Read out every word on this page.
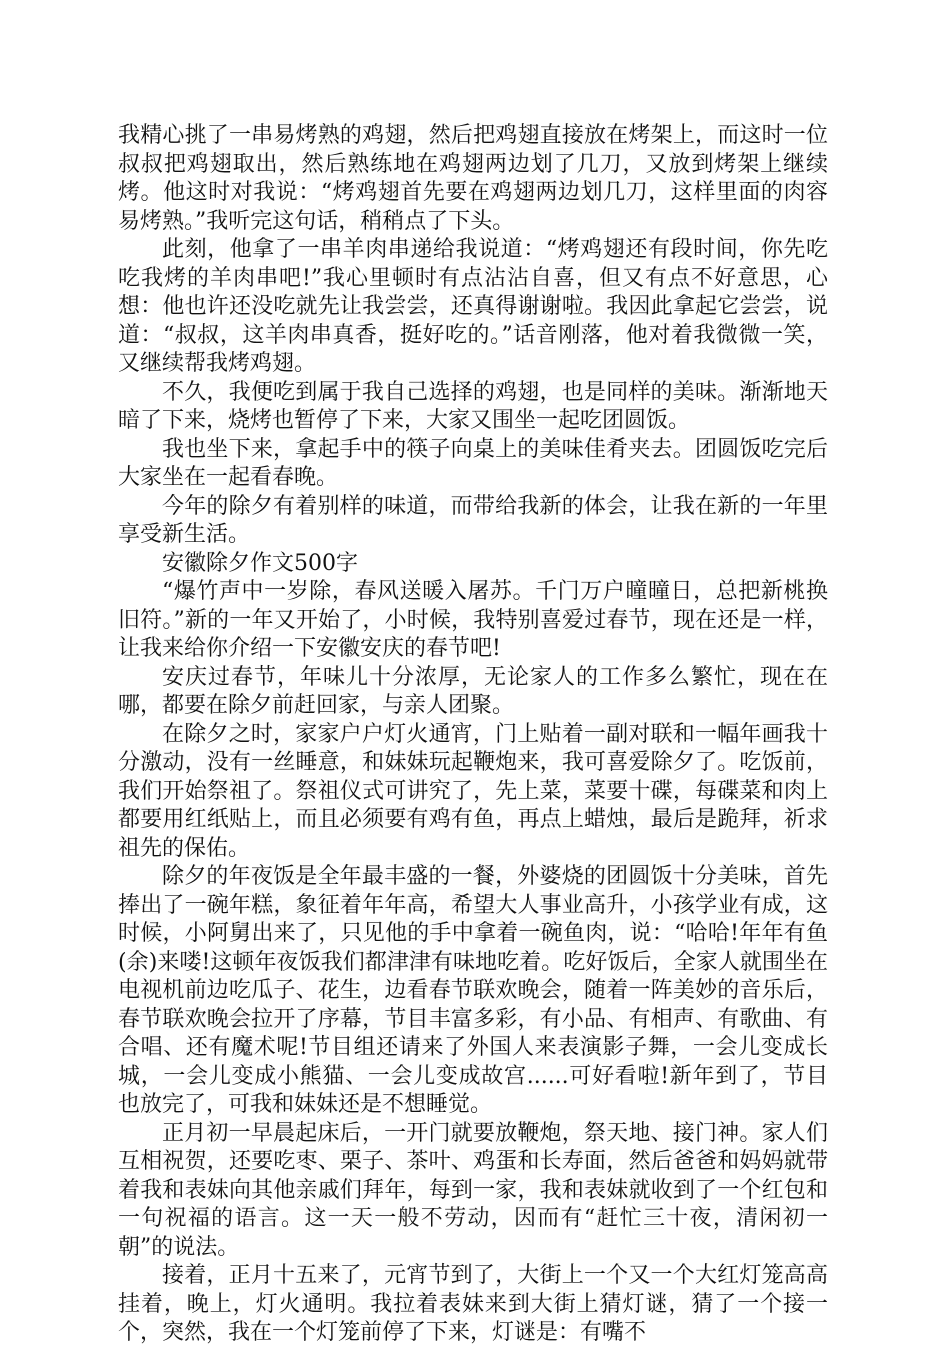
我精心挑了一串易烤熟的鸡翅，然后把鸡翅直接放在烤架上，而这时一位叔叔把鸡翅取出，然后熟练地在鸡翅两边划了几刀，又放到烤架上继续烤。他这时对我说：“烤鸡翅首先要在鸡翅两边划几刀，这样里面的肉容易烤熟。”我听完这句话，稍稍点了下头。

此刻，他拿了一串羊肉串递给我说道：“烤鸡翅还有段时间，你先吃吃我烤的羊肉串吧!”我心里顿时有点沾沾自喜，但又有点不好意思，心想：他也许还没吃就先让我尝尝，还真得谢谢啦。我因此拿起它尝尝，说道：“叔叔，这羊肉串真香，挺好吃的。”话音刚落，他对着我微微一笑，又继续帮我烤鸡翅。

不久，我便吃到属于我自己选择的鸡翅，也是同样的美味。渐渐地天暗了下来，烧烤也暂停了下来，大家又围坐一起吃团圆饭。

我也坐下来，拿起手中的筷子向桌上的美味佳肴夹去。团圆饭吃完后大家坐在一起看春晚。

今年的除夕有着别样的味道，而带给我新的体会，让我在新的一年里享受新生活。

安徽除夕作文500字

“爆竹声中一岁除，春风送暖入屠苏。千门万户曈曈日，总把新桃换旧符。”新的一年又开始了，小时候，我特别喜爱过春节，现在还是一样，让我来给你介绍一下安徽安庆的春节吧!

安庆过春节，年味儿十分浓厚，无论家人的工作多么繁忙，现在在哪，都要在除夕前赶回家，与亲人团聚。

在除夕之时，家家户户灯火通宵，门上贴着一副对联和一幅年画我十分激动，没有一丝睡意，和妹妹玩起鞭炮来，我可喜爱除夕了。吃饭前，我们开始祭祖了。祭祖仪式可讲究了，先上菜，菜要十碟，每碟菜和肉上都要用红纸贴上，而且必须要有鸡有鱼，再点上蜡烛，最后是跪拜，祈求祖先的保佑。

除夕的年夜饭是全年最丰盛的一餐，外婆烧的团圆饭十分美味，首先捧出了一碗年糕，象征着年年高，希望大人事业高升，小孩学业有成，这时候，小阿舅出来了，只见他的手中拿着一碗鱼肉，说：“哈哈!年年有鱼(余)来喽!这顿年夜饭我们都津津有味地吃着。吃好饭后，全家人就围坐在电视机前边吃瓜子、花生，边看春节联欢晚会，随着一阵美妙的音乐后，春节联欢晚会拉开了序幕，节目丰富多彩，有小品、有相声、有歌曲、有合唱、还有魔术呢!节目组还请来了外国人来表演影子舞，一会儿变成长城，一会儿变成小熊猫、一会儿变成故宫......可好看啦!新年到了，节目也放完了，可我和妹妹还是不想睡觉。

正月初一早晨起床后，一开门就要放鞭炮，祭天地、接门神。家人们互相祝贺，还要吃枣、栗子、茶叶、鸡蛋和长寿面，然后爸爸和妈妈就带着我和表妹向其他亲戚们拜年，每到一家，我和表妹就收到了一个红包和一句祝福的语言。这一天一般不劳动，因而有“赶忙三十夜，清闲初一朝”的说法。

接着，正月十五来了，元宵节到了，大街上一个又一个大红灯笼高高挂着，晚上，灯火通明。我拉着表妹来到大街上猜灯谜，猜了一个接一个，突然，我在一个灯笼前停了下来，灯谜是：有嘴不
